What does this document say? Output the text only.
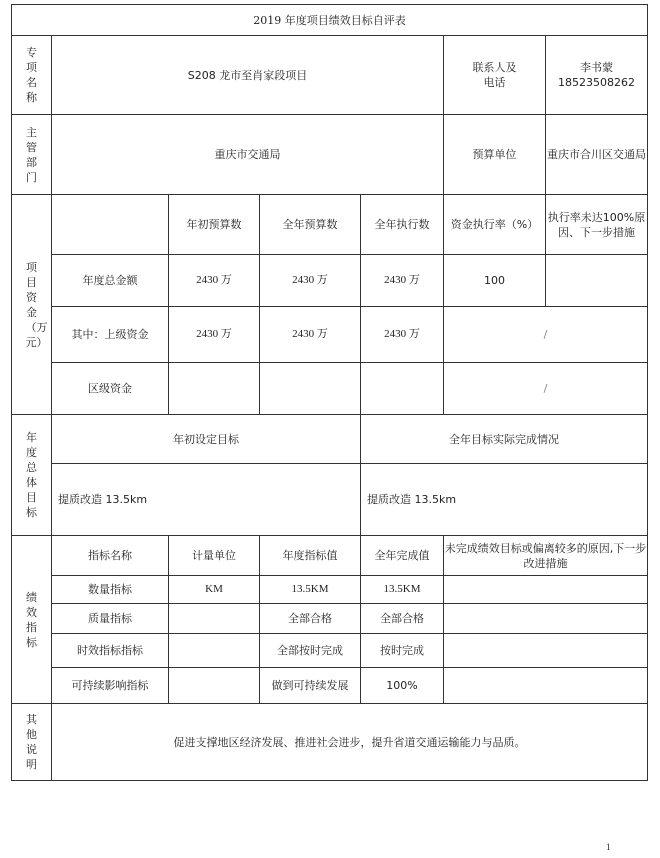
2019 年度项目绩效目标自评表						

专项名称	S208 龙市至肖家段项目				联系人及电话	李书蒙 18523508262

主管部门	重庆市交通局				预算单位	重庆市合川区交通局

项目资金（万元）		年初预算数	全年预算数	全年执行数	资金执行率（%）	执行率未达100%原因、下一步措施
	年度总金额	2430 万	2430 万	2430 万	100	
	其中：上级资金	2430 万	2430 万	2430 万	/	
	区级资金				/	

年度总体目标	年初设定目标			全年目标实际完成情况		
	提质改造 13.5km			提质改造 13.5km		

绩效指标	指标名称	计量单位	年度指标值	全年完成值	未完成绩效目标或偏离较多的原因,下一步改进措施	
	数量指标	KM	13.5KM	13.5KM		
	质量指标		全部合格	全部合格		
	时效指标指标		全部按时完成	按时完成		
	可持续影响指标		做到可持续发展	100%		

其他说明	促进支撑地区经济发展、推进社会进步，提升省道交通运输能力与品质。					
1
